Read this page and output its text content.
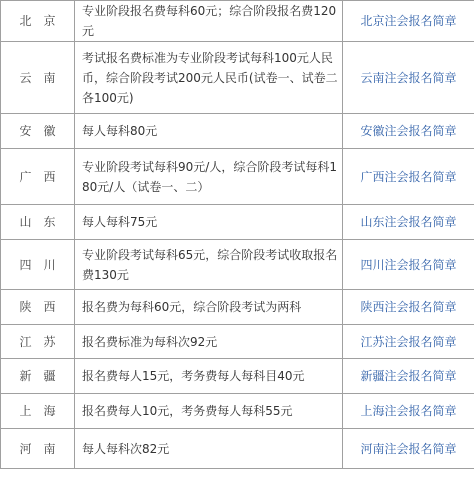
北京	专业阶段报名费每科60元；综合阶段报名费120元	北京注会报名简章
云南	考试报名费标准为专业阶段考试每科100元人民币，综合阶段考试200元人民币(试卷一、试卷二各100元)	云南注会报名简章
安徽	每人每科80元	安徽注会报名简章
广西	专业阶段考试每科90元/人，综合阶段考试每科180元/人（试卷一、二）	广西注会报名简章
山东	每人每科75元	山东注会报名简章
四川	专业阶段考试每科65元，综合阶段考试收取报名费130元	四川注会报名简章
陕西	报名费为每科60元，综合阶段考试为两科	陕西注会报名简章
江苏	报名费标准为每科次92元	江苏注会报名简章
新疆	报名费每人15元，考务费每人每科目40元	新疆注会报名简章
上海	报名费每人10元，考务费每人每科55元	上海注会报名简章
河南	每人每科次82元	河南注会报名简章
